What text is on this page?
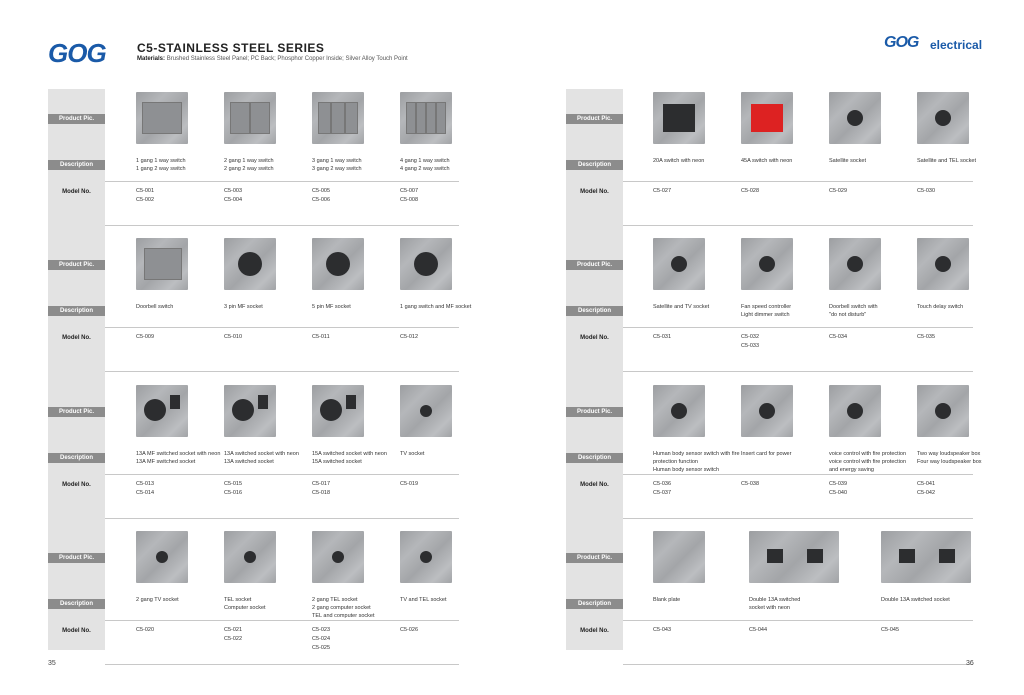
GOG	C5-STAINLESS STEEL SERIES
Materials: Brushed Stainless Steel Panel; PC Back; Phosphor Copper Inside; Silver Alloy Touch Point
GOG electrical
Product Pic.
Description
Model No.
1 gang 1 way switch
1 gang 2 way switch
C5-001
C5-002
2 gang 1 way switch
2 gang 2 way switch
C5-003
C5-004
3 gang 1 way switch
3 gang 2 way switch
C5-005
C5-006
4 gang 1 way switch
4 gang 2 way switch
C5-007
C5-008
Product Pic.
Description
Model No.
Doorbell switch
C5-009
3 pin MF socket
C5-010
5 pin MF socket
C5-011
1 gang switch and MF socket
C5-012
Product Pic.
Description
Model No.
13A MF switched socket with neon
13A MF switched socket
C5-013
C5-014
13A switched socket with neon
13A switched socket
C5-015
C5-016
15A switched socket with neon
15A switched socket
C5-017
C5-018
TV socket
C5-019
Product Pic.
Description
Model No.
2 gang TV socket
C5-020
TEL socket
Computer socket
C5-021
C5-022
2 gang TEL socket
2 gang computer socket
TEL and computer socket
C5-023
C5-024
C5-025
TV and TEL socket
C5-026
Product Pic.
Description
Model No.
20A switch with neon
C5-027
45A switch with neon
C5-028
Satellite socket
C5-029
Satellite and TEL socket
C5-030
Product Pic.
Description
Model No.
Satellite and TV socket
C5-031
Fan speed controller
Light dimmer switch
C5-032
C5-033
Doorbell switch with
"do not disturb"
C5-034
Touch delay switch
C5-035
Product Pic.
Description
Model No.
Human body sensor switch with fire
protection function
Human body sensor switch
C5-036
C5-037
Insert card for power
C5-038
voice control with fire protection
voice control with fire protection
and energy saving
C5-039
C5-040
Two way loudspeaker box
Four way loudspeaker box
C5-041
C5-042
Product Pic.
Description
Model No.
Blank plate
C5-043
Double 13A switched
socket with neon
C5-044
Double 13A switched socket
C5-045
35	36
